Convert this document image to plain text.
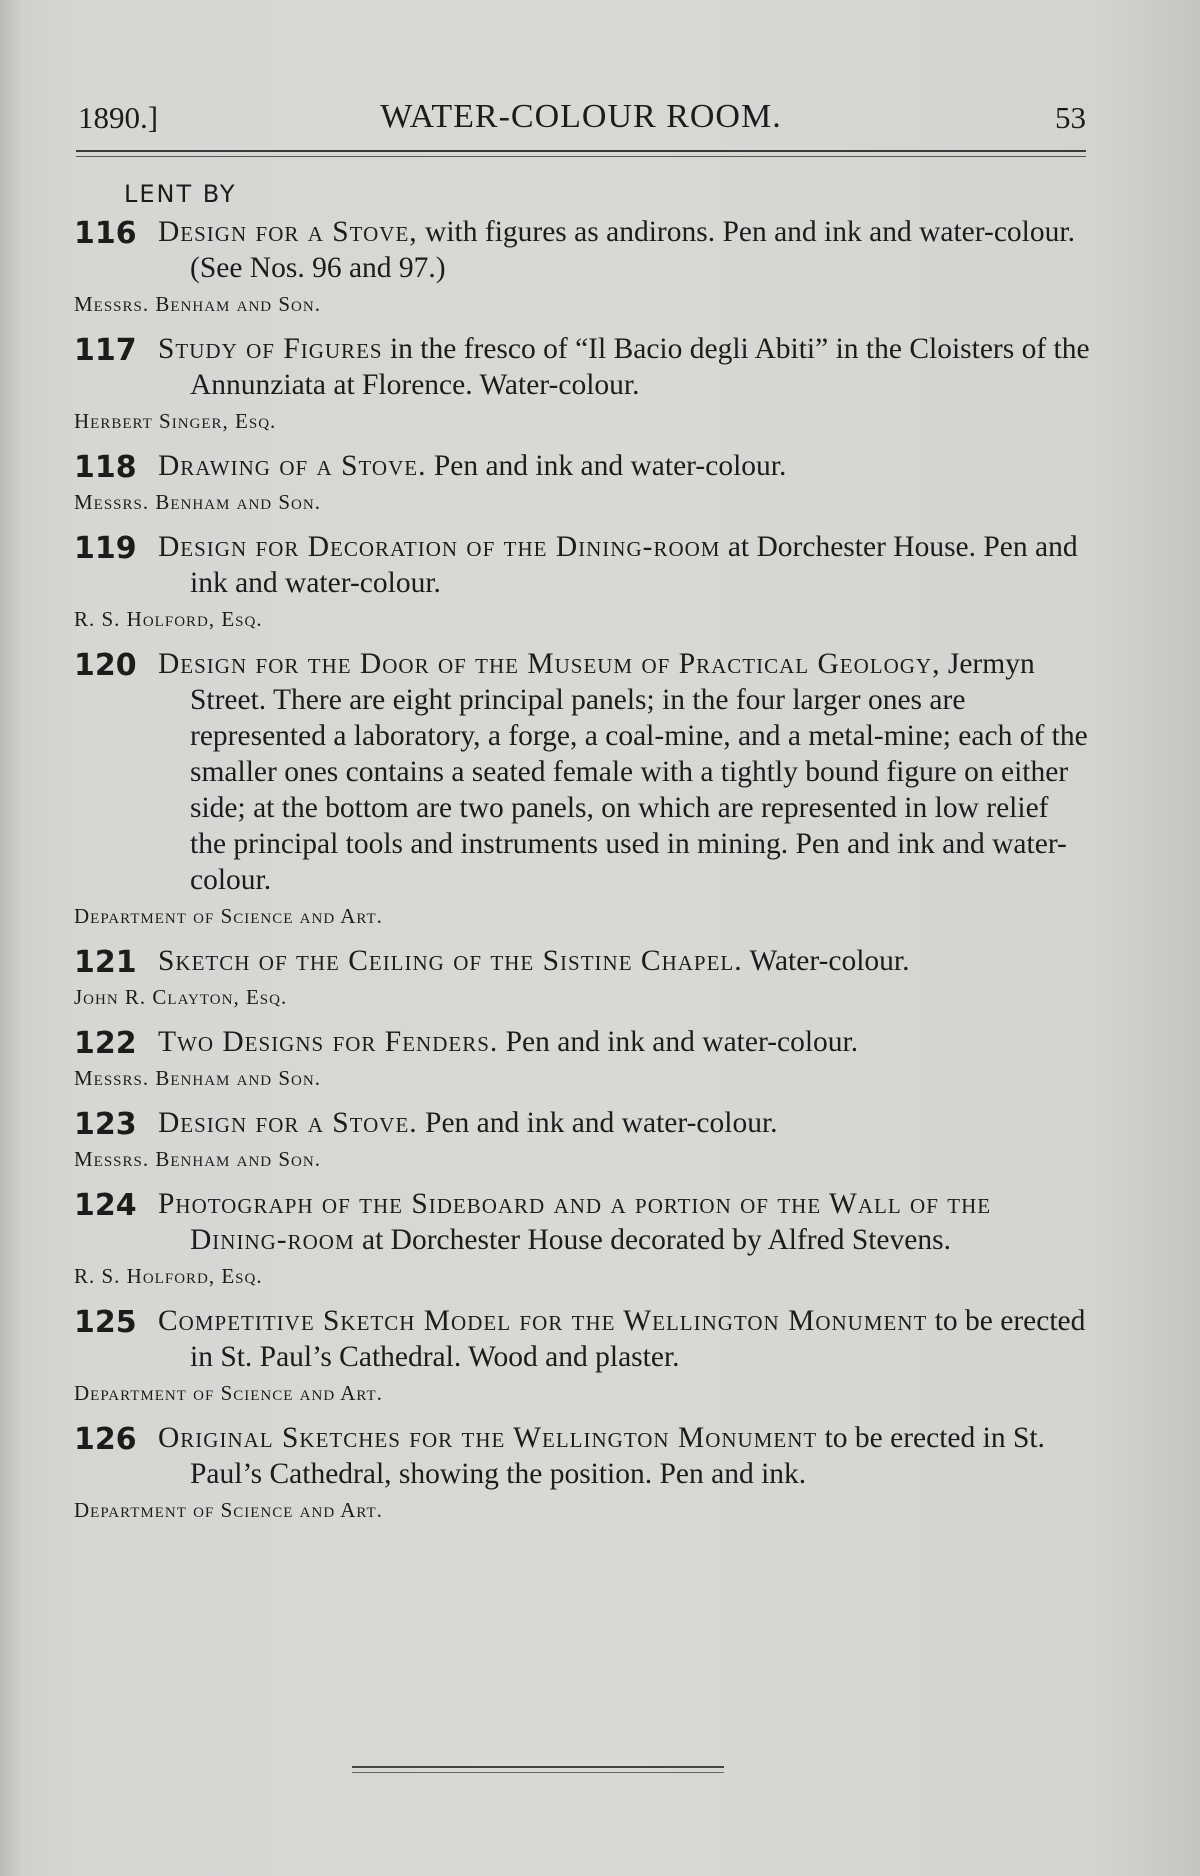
1890.]	WATER-COLOUR ROOM.	53
LENT BY
116 Design for a Stove, with figures as andirons. Pen and ink and water-colour. (See Nos. 96 and 97.)
Messrs. Benham and Son.
117 Study of Figures in the fresco of “Il Bacio degli Abiti” in the Cloisters of the Annunziata at Florence. Water-colour.
Herbert Singer, Esq.
118 Drawing of a Stove. Pen and ink and water-colour.
Messrs. Benham and Son.
119 Design for Decoration of the Dining-room at Dorchester House. Pen and ink and water-colour.
R. S. Holford, Esq.
120 Design for the Door of the Museum of Practical Geology, Jermyn Street. There are eight principal panels; in the four larger ones are represented a laboratory, a forge, a coal-mine, and a metal-mine; each of the smaller ones contains a seated female with a tightly bound figure on either side; at the bottom are two panels, on which are represented in low relief the principal tools and instruments used in mining. Pen and ink and water-colour.
Department of Science and Art.
121 Sketch of the Ceiling of the Sistine Chapel. Water-colour.
John R. Clayton, Esq.
122 Two Designs for Fenders. Pen and ink and water-colour.
Messrs. Benham and Son.
123 Design for a Stove. Pen and ink and water-colour.
Messrs. Benham and Son.
124 Photograph of the Sideboard and a portion of the Wall of the Dining-room at Dorchester House decorated by Alfred Stevens.
R. S. Holford, Esq.
125 Competitive Sketch Model for the Wellington Monument to be erected in St. Paul’s Cathedral. Wood and plaster.
Department of Science and Art.
126 Original Sketches for the Wellington Monument to be erected in St. Paul’s Cathedral, showing the position. Pen and ink.
Department of Science and Art.
